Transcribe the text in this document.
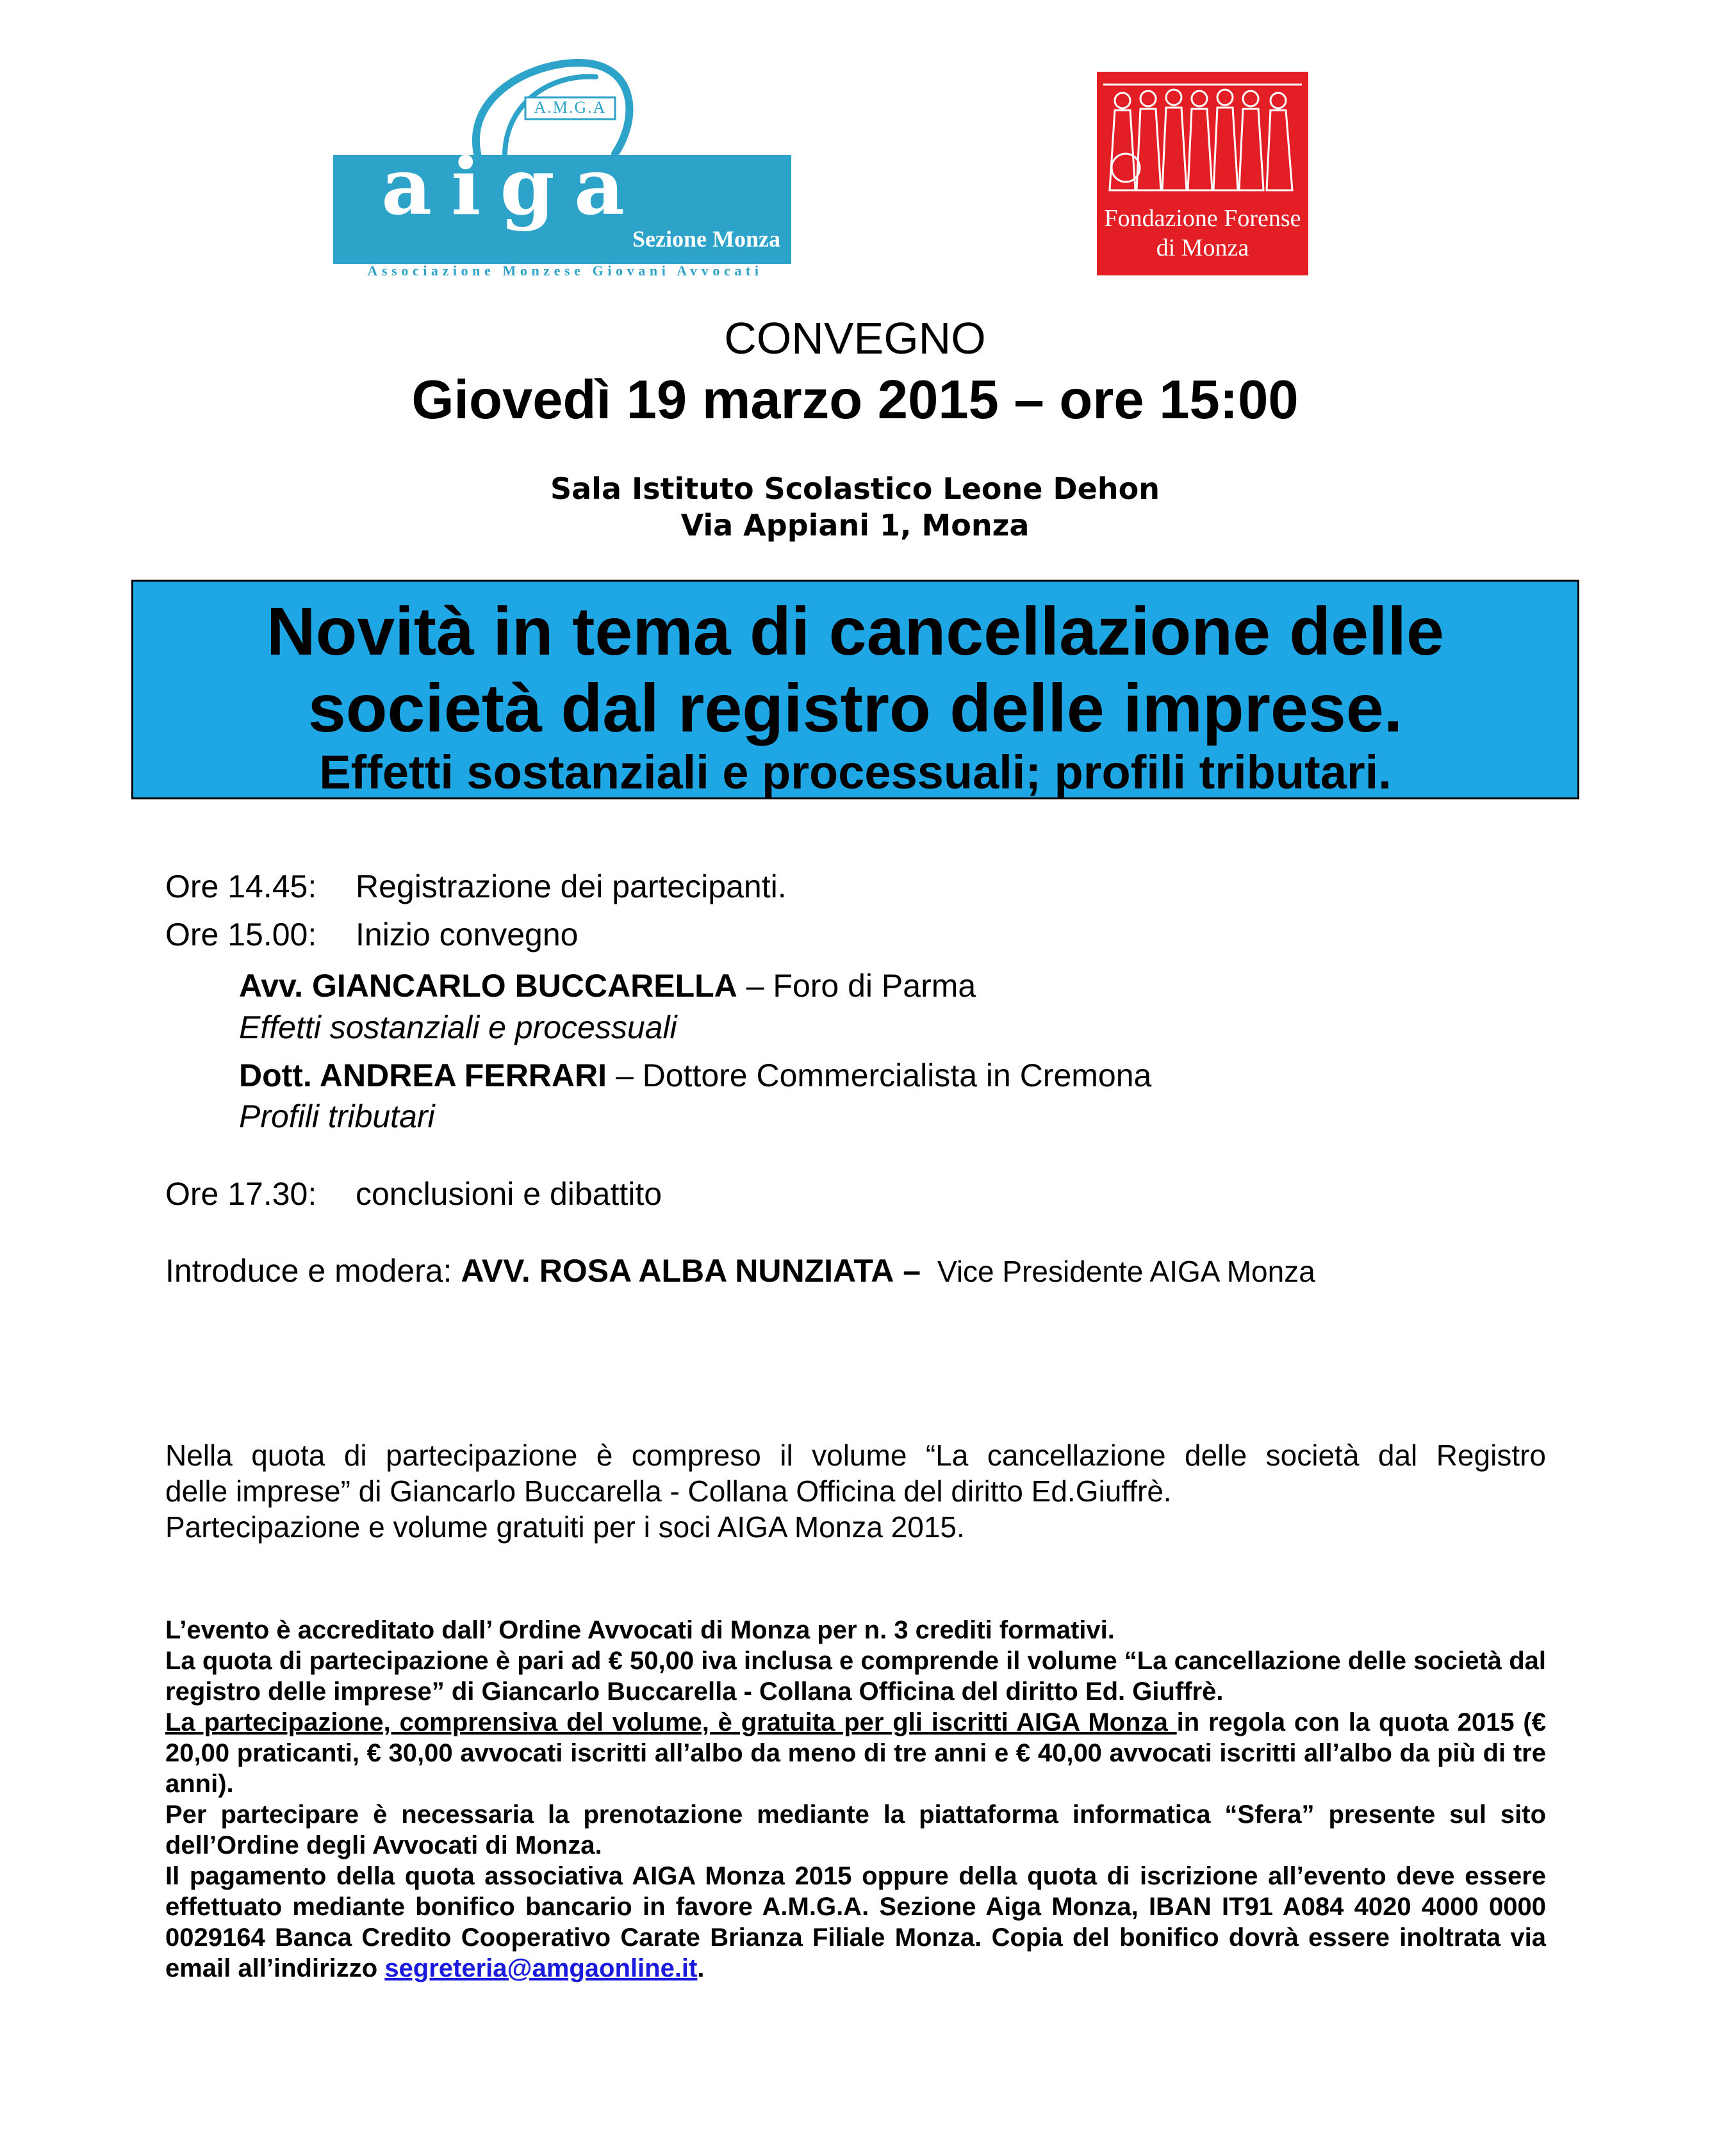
A.M.G.A
aiga
Sezione Monza
Associazione Monzese Giovani Avvocati
Fondazione Forense
di Monza
CONVEGNO
Giovedì 19 marzo 2015 – ore 15:00
Sala Istituto Scolastico Leone Dehon
Via Appiani 1, Monza
Novità in tema di cancellazione delle
società dal registro delle imprese.
Effetti sostanziali e processuali; profili tributari.
Ore 14.45: Registrazione dei partecipanti.
Ore 15.00: Inizio convegno
Avv. GIANCARLO BUCCARELLA – Foro di Parma
Effetti sostanziali e processuali
Dott. ANDREA FERRARI – Dottore Commercialista in Cremona
Profili tributari
Ore 17.30: conclusioni e dibattito
Introduce e modera: AVV. ROSA ALBA NUNZIATA – Vice Presidente AIGA Monza
Nella quota di partecipazione è compreso il volume “La cancellazione delle società dal Registro
delle imprese” di Giancarlo Buccarella - Collana Officina del diritto Ed.Giuffrè.
Partecipazione e volume gratuiti per i soci AIGA Monza 2015.
L’evento è accreditato dall’ Ordine Avvocati di Monza per n. 3 crediti formativi.
La quota di partecipazione è pari ad € 50,00 iva inclusa e comprende il volume “La cancellazione delle società dal registro delle imprese” di Giancarlo Buccarella - Collana Officina del diritto Ed. Giuffrè.
La partecipazione, comprensiva del volume, è gratuita per gli iscritti AIGA Monza in regola con la quota 2015 (€ 20,00 praticanti, € 30,00 avvocati iscritti all’albo da meno di tre anni e € 40,00 avvocati iscritti all’albo da più di tre anni).
Per partecipare è necessaria la prenotazione mediante la piattaforma informatica “Sfera” presente sul sito dell’Ordine degli Avvocati di Monza.
Il pagamento della quota associativa AIGA Monza 2015 oppure della quota di iscrizione all’evento deve essere effettuato mediante bonifico bancario in favore A.M.G.A. Sezione Aiga Monza, IBAN IT91 A084 4020 4000 0000 0029164 Banca Credito Cooperativo Carate Brianza Filiale Monza. Copia del bonifico dovrà essere inoltrata via email all’indirizzo segreteria@amgaonline.it.
